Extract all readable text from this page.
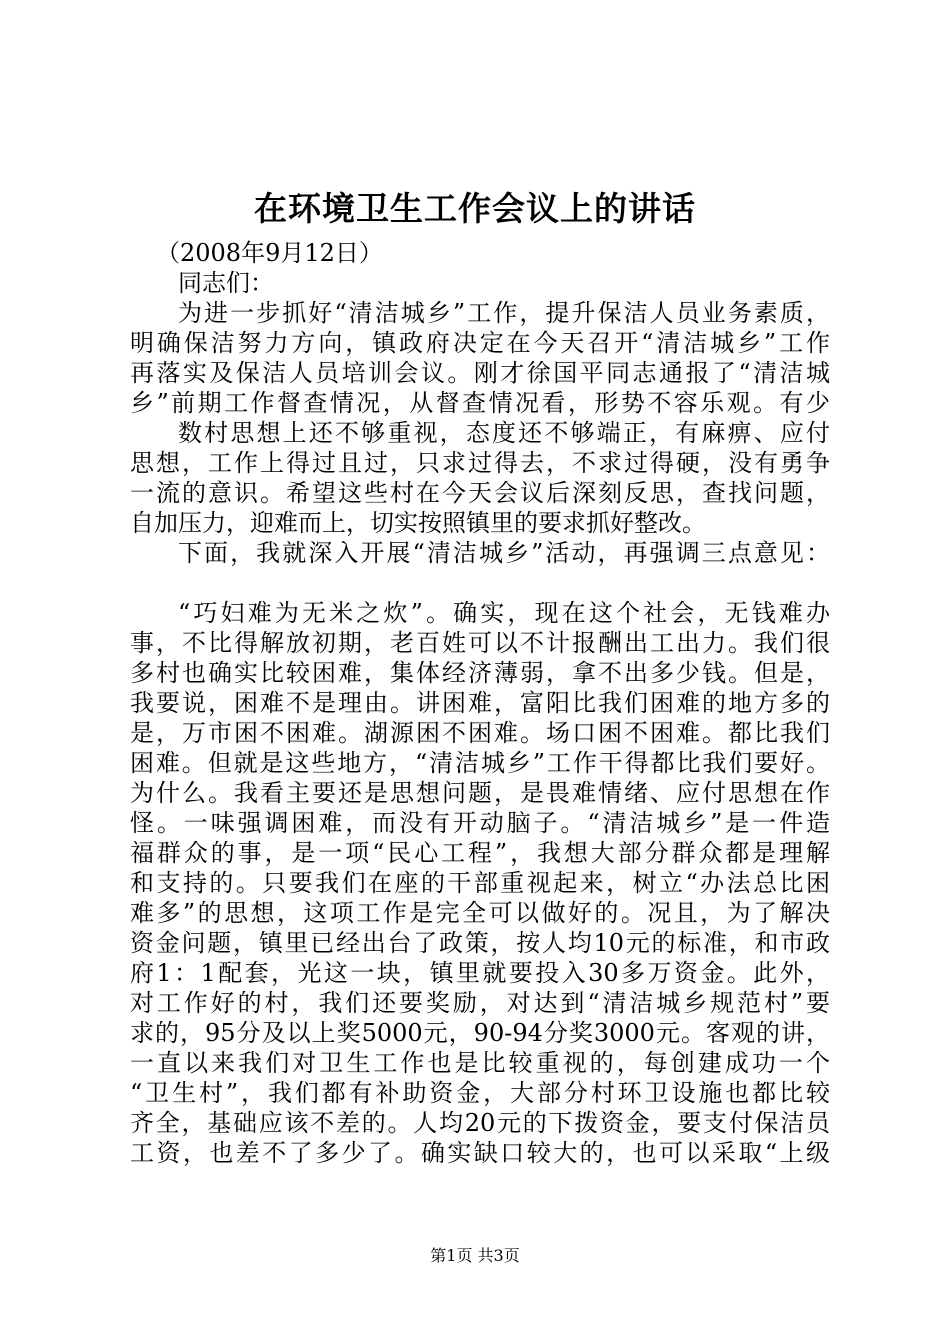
在环境卫生工作会议上的讲话
（2008年9月12日）
同志们：
为进一步抓好“清洁城乡”工作，提升保洁人员业务素质，
明确保洁努力方向，镇政府决定在今天召开“清洁城乡”工作
再落实及保洁人员培训会议。刚才徐国平同志通报了“清洁城
乡”前期工作督查情况，从督查情况看，形势不容乐观。有少
数村思想上还不够重视，态度还不够端正，有麻痹、应付
思想，工作上得过且过，只求过得去，不求过得硬，没有勇争
一流的意识。希望这些村在今天会议后深刻反思，查找问题，
自加压力，迎难而上，切实按照镇里的要求抓好整改。
下面，我就深入开展“清洁城乡”活动，再强调三点意见：
“巧妇难为无米之炊”。确实，现在这个社会，无钱难办
事，不比得解放初期，老百姓可以不计报酬出工出力。我们很
多村也确实比较困难，集体经济薄弱，拿不出多少钱。但是，
我要说，困难不是理由。讲困难，富阳比我们困难的地方多的
是，万市困不困难。湖源困不困难。场口困不困难。都比我们
困难。但就是这些地方，“清洁城乡”工作干得都比我们要好。
为什么。我看主要还是思想问题，是畏难情绪、应付思想在作
怪。一味强调困难，而没有开动脑子。“清洁城乡”是一件造
福群众的事，是一项“民心工程”，我想大部分群众都是理解
和支持的。只要我们在座的干部重视起来，树立“办法总比困
难多”的思想，这项工作是完全可以做好的。况且，为了解决
资金问题，镇里已经出台了政策，按人均10元的标准，和市政
府1：1配套，光这一块，镇里就要投入30多万资金。此外，
对工作好的村，我们还要奖励，对达到“清洁城乡规范村”要
求的，95分及以上奖5000元，90-94分奖3000元。客观的讲，
一直以来我们对卫生工作也是比较重视的，每创建成功一个
“卫生村”，我们都有补助资金，大部分村环卫设施也都比较
齐全，基础应该不差的。人均20元的下拨资金，要支付保洁员
工资，也差不了多少了。确实缺口较大的，也可以采取“上级
第1页 共3页
